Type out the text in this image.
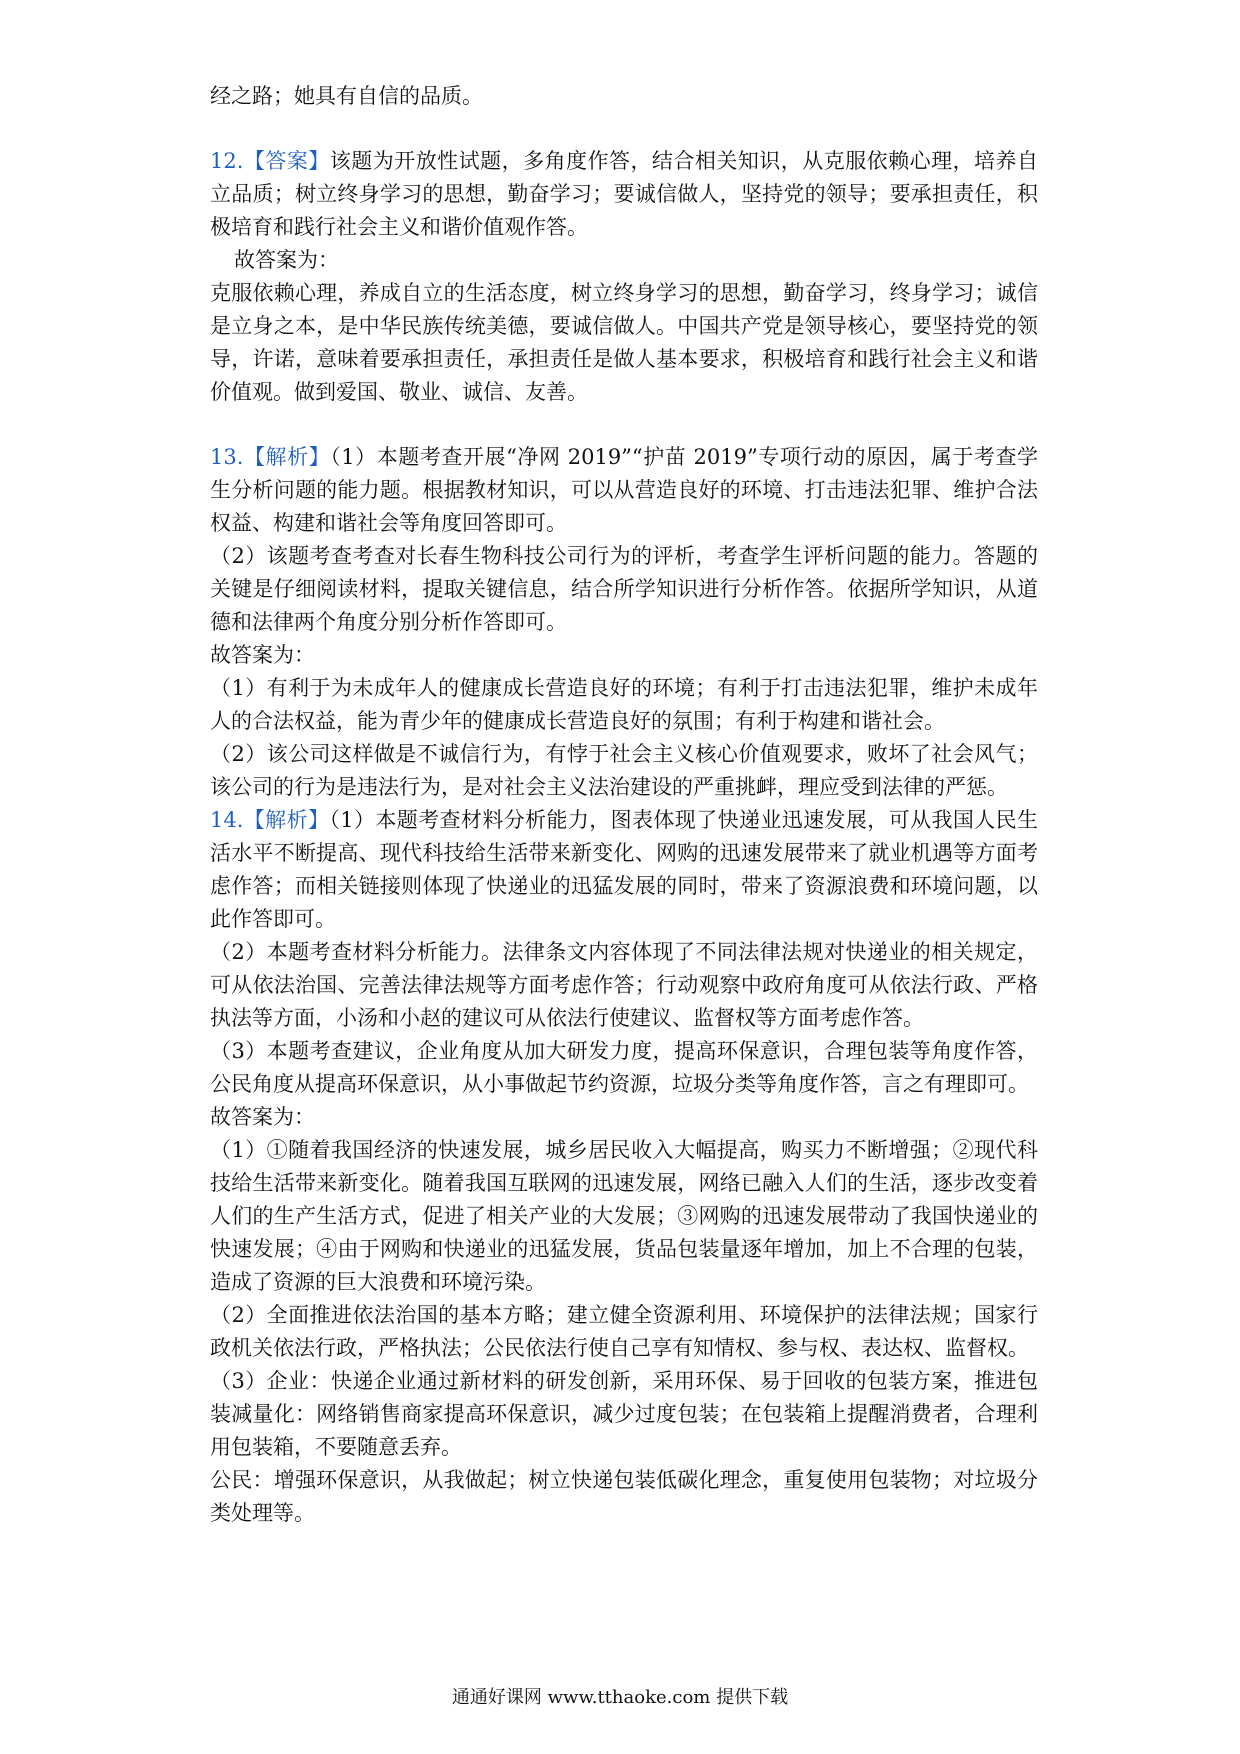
经之路；她具有自信的品质。

12.【答案】该题为开放性试题，多角度作答，结合相关知识，从克服依赖心理，培养自立品质；树立终身学习的思想，勤奋学习；要诚信做人，坚持党的领导；要承担责任，积极培育和践行社会主义和谐价值观作答。

故答案为：

克服依赖心理，养成自立的生活态度，树立终身学习的思想，勤奋学习，终身学习；诚信是立身之本，是中华民族传统美德，要诚信做人。中国共产党是领导核心，要坚持党的领导，许诺，意味着要承担责任，承担责任是做人基本要求，积极培育和践行社会主义和谐价值观。做到爱国、敬业、诚信、友善。

13.【解析】（1）本题考查开展“净网 2019”“护苗 2019”专项行动的原因，属于考查学生分析问题的能力题。根据教材知识，可以从营造良好的环境、打击违法犯罪、维护合法权益、构建和谐社会等角度回答即可。

（2）该题考查考查对长春生物科技公司行为的评析，考查学生评析问题的能力。答题的关键是仔细阅读材料，提取关键信息，结合所学知识进行分析作答。依据所学知识，从道德和法律两个角度分别分析作答即可。

故答案为：

（1）有利于为未成年人的健康成长营造良好的环境；有利于打击违法犯罪，维护未成年人的合法权益，能为青少年的健康成长营造良好的氛围；有利于构建和谐社会。

（2）该公司这样做是不诚信行为，有悖于社会主义核心价值观要求，败坏了社会风气；该公司的行为是违法行为，是对社会主义法治建设的严重挑衅，理应受到法律的严惩。

14.【解析】（1）本题考查材料分析能力，图表体现了快递业迅速发展，可从我国人民生活水平不断提高、现代科技给生活带来新变化、网购的迅速发展带来了就业机遇等方面考虑作答；而相关链接则体现了快递业的迅猛发展的同时，带来了资源浪费和环境问题，以此作答即可。

（2）本题考查材料分析能力。法律条文内容体现了不同法律法规对快递业的相关规定，可从依法治国、完善法律法规等方面考虑作答；行动观察中政府角度可从依法行政、严格执法等方面，小汤和小赵的建议可从依法行使建议、监督权等方面考虑作答。

（3）本题考查建议，企业角度从加大研发力度，提高环保意识，合理包装等角度作答，公民角度从提高环保意识，从小事做起节约资源，垃圾分类等角度作答，言之有理即可。

故答案为：

（1）①随着我国经济的快速发展，城乡居民收入大幅提高，购买力不断增强；②现代科技给生活带来新变化。随着我国互联网的迅速发展，网络已融入人们的生活，逐步改变着人们的生产生活方式，促进了相关产业的大发展；③网购的迅速发展带动了我国快递业的快速发展；④由于网购和快递业的迅猛发展，货品包装量逐年增加，加上不合理的包装，造成了资源的巨大浪费和环境污染。

（2）全面推进依法治国的基本方略；建立健全资源利用、环境保护的法律法规；国家行政机关依法行政，严格执法；公民依法行使自己享有知情权、参与权、表达权、监督权。

（3）企业：快递企业通过新材料的研发创新，采用环保、易于回收的包装方案，推进包装减量化：网络销售商家提高环保意识，减少过度包装；在包装箱上提醒消费者，合理利用包装箱，不要随意丢弃。

公民：增强环保意识，从我做起；树立快递包装低碳化理念，重复使用包装物；对垃圾分类处理等。

通通好课网 www.tthaoke.com 提供下载
